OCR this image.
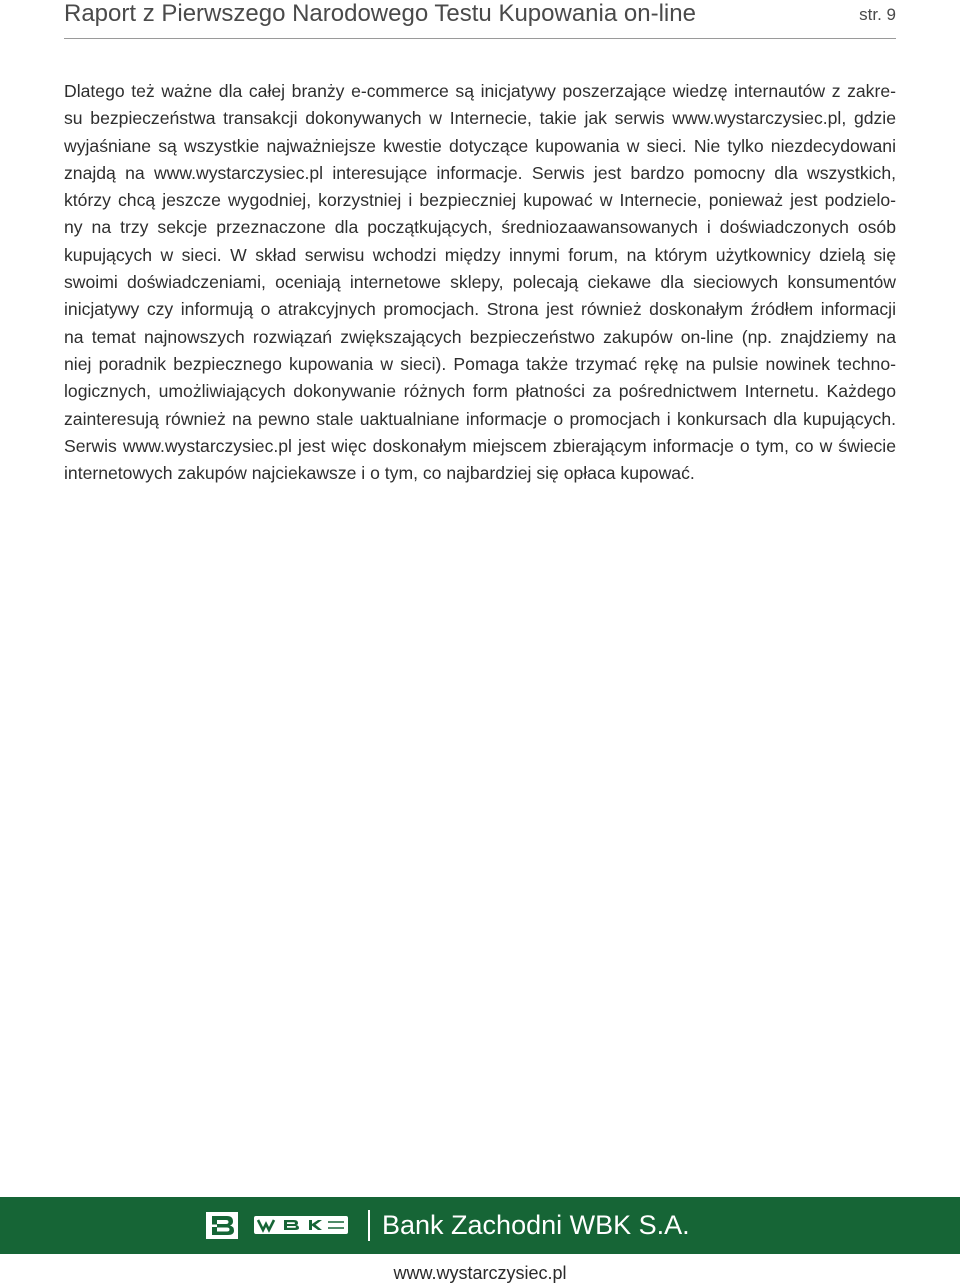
Raport z Pierwszego Narodowego Testu Kupowania on-line	str. 9
Dlatego też ważne dla całej branży e-commerce są inicjatywy poszerzające wiedzę internautów z zakre-
su bezpieczeństwa transakcji dokonywanych w Internecie, takie jak serwis www.wystarczysiec.pl, gdzie
wyjaśniane są wszystkie najważniejsze kwestie dotyczące kupowania w sieci. Nie tylko niezdecydowani
znajdą na www.wystarczysiec.pl interesujące informacje. Serwis jest bardzo pomocny dla wszystkich,
którzy chcą jeszcze wygodniej, korzystniej i bezpieczniej kupować w Internecie, ponieważ jest podzielo-
ny na trzy sekcje przeznaczone dla początkujących, średniozaawansowanych i doświadczonych osób
kupujących w sieci. W skład serwisu wchodzi między innymi forum, na którym użytkownicy dzielą się
swoimi doświadczeniami, oceniają internetowe sklepy, polecają ciekawe dla sieciowych konsumentów
inicjatywy czy informują o atrakcyjnych promocjach. Strona jest również doskonałym źródłem informacji
na temat najnowszych rozwiązań zwiększających bezpieczeństwo zakupów on-line (np. znajdziemy na
niej poradnik bezpiecznego kupowania w sieci). Pomaga także trzymać rękę na pulsie nowinek techno-
logicznych, umożliwiających dokonywanie różnych form płatności za pośrednictwem Internetu. Każdego
zainteresują również na pewno stale uaktualniane informacje o promocjach i konkursach dla kupujących.
Serwis www.wystarczysiec.pl jest więc doskonałym miejscem zbierającym informacje o tym, co w świecie
internetowych zakupów najciekawsze i o tym, co najbardziej się opłaca kupować.
Bank Zachodni WBK S.A.
www.wystarczysiec.pl
